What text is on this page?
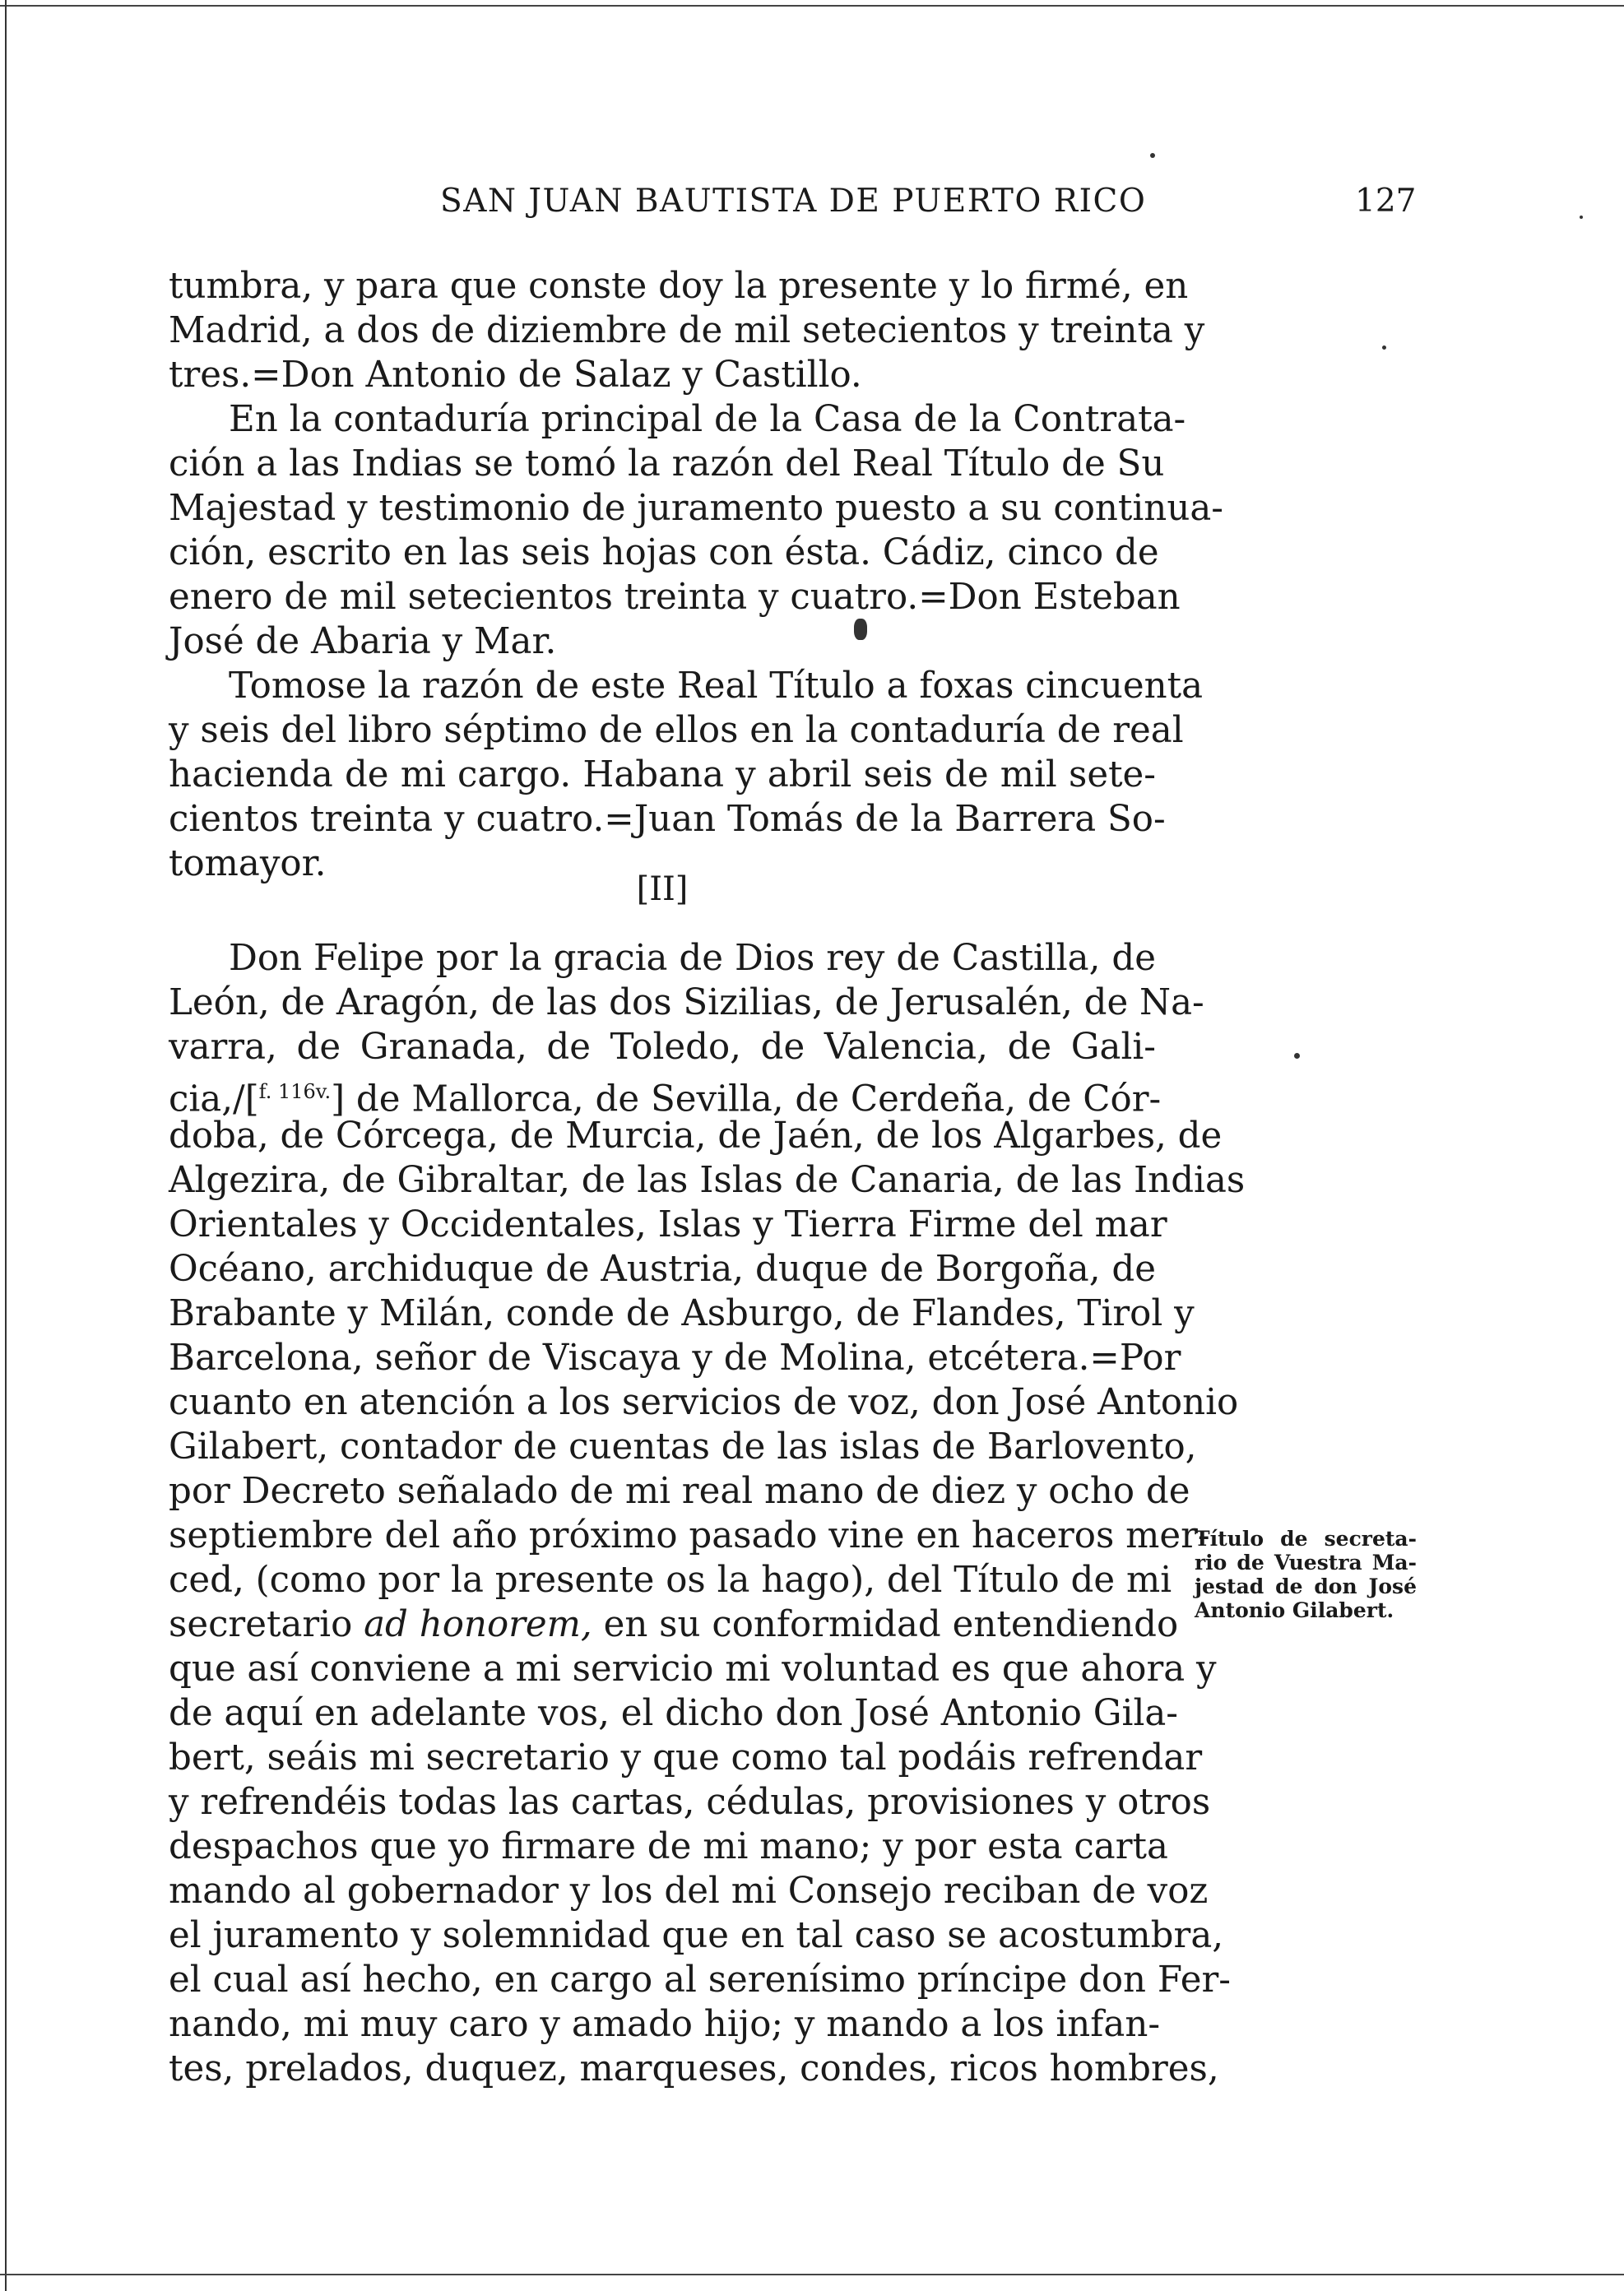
SAN JUAN BAUTISTA DE PUERTO RICO	127
tumbra, y para que conste doy la presente y lo firmé, en
Madrid, a dos de diziembre de mil setecientos y treinta y
tres.=Don Antonio de Salaz y Castillo.
En la contaduría principal de la Casa de la Contrata-
ción a las Indias se tomó la razón del Real Título de Su
Majestad y testimonio de juramento puesto a su continua-
ción, escrito en las seis hojas con ésta. Cádiz, cinco de
enero de mil setecientos treinta y cuatro.=Don Esteban
José de Abaria y Mar.
Tomose la razón de este Real Título a foxas cincuenta
y seis del libro séptimo de ellos en la contaduría de real
hacienda de mi cargo. Habana y abril seis de mil sete-
cientos treinta y cuatro.=Juan Tomás de la Barrera So-
tomayor.
[II]
Don Felipe por la gracia de Dios rey de Castilla, de
León, de Aragón, de las dos Sizilias, de Jerusalén, de Na-
varra, de Granada, de Toledo, de Valencia, de Gali-
cia,/[$^{f. 116v.}$] de Mallorca, de Sevilla, de Cerdeña, de Cór-
doba, de Córcega, de Murcia, de Jaén, de los Algarbes, de
Algezira, de Gibraltar, de las Islas de Canaria, de las Indias
Orientales y Occidentales, Islas y Tierra Firme del mar
Océano, archiduque de Austria, duque de Borgoña, de
Brabante y Milán, conde de Asburgo, de Flandes, Tirol y
Barcelona, señor de Viscaya y de Molina, etcétera.=Por
cuanto en atención a los servicios de voz, don José Antonio
Gilabert, contador de cuentas de las islas de Barlovento,
por Decreto señalado de mi real mano de diez y ocho de
septiembre del año próximo pasado vine en haceros mer-
ced, (como por la presente os la hago), del Título de mi
secretario ad honorem, en su conformidad entendiendo
que así conviene a mi servicio mi voluntad es que ahora y
de aquí en adelante vos, el dicho don José Antonio Gila-
bert, seáis mi secretario y que como tal podáis refrendar
y refrendéis todas las cartas, cédulas, provisiones y otros
despachos que yo firmare de mi mano; y por esta carta
mando al gobernador y los del mi Consejo reciban de voz
el juramento y solemnidad que en tal caso se acostumbra,
el cual así hecho, en cargo al serenísimo príncipe don Fer-
nando, mi muy caro y amado hijo; y mando a los infan-
tes, prelados, duquez, marqueses, condes, ricos hombres,
Título de secreta-
rio de Vuestra Ma-
jestad de don José
Antonio Gilabert.
